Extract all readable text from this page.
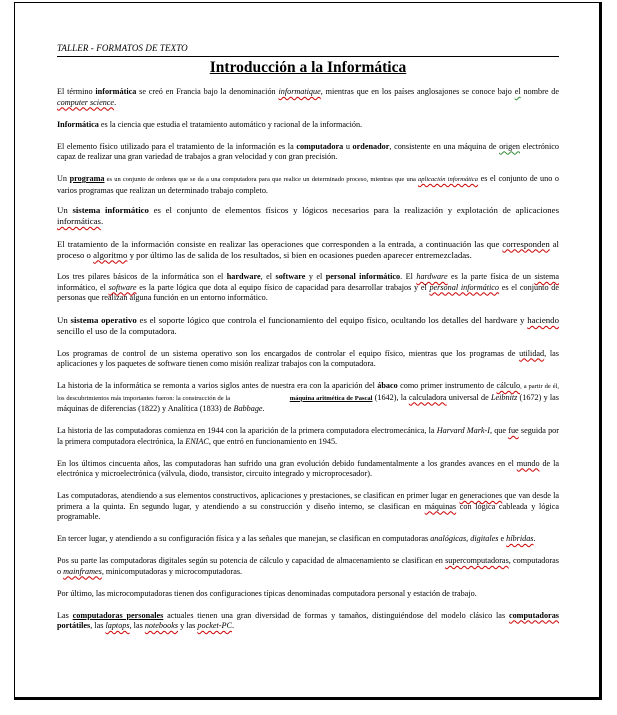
TALLER - FORMATOS DE TEXTO
Introducción a la Informática

El término informática se creó en Francia bajo la denominación informatique, mientras que en los países anglosajones se conoce bajo el nombre de computer science.

Informática es la ciencia que estudia el tratamiento automático y racional de la información.

El elemento físico utilizado para el tratamiento de la información es la computadora u ordenador, consistente en una máquina de origen electrónico capaz de realizar una gran variedad de trabajos a gran velocidad y con gran precisión.

Un programa es un conjunto de ordenes que se da a una computadora para que realice un determinado proceso, mientras que una aplicación informática es el conjunto de uno o varios programas que realizan un determinado trabajo completo.

Un sistema informático es el conjunto de elementos físicos y lógicos necesarios para la realización y explotación de aplicaciones informáticas.

El tratamiento de la información consiste en realizar las operaciones que corresponden a la entrada, a continuación las que corresponden al proceso o algoritmo y por último las de salida de los resultados, si bien en ocasiones pueden aparecer entremezcladas.

Los tres pilares básicos de la informática son el hardware, el software y el personal informático. El hardware es la parte física de un sistema informático, el software es la parte lógica que dota al equipo físico de capacidad para desarrollar trabajos y el personal informático es el conjunto de personas que realizan alguna función en un entorno informático.

Un sistema operativo es el soporte lógico que controla el funcionamiento del equipo físico, ocultando los detalles del hardware y haciendo sencillo el uso de la computadora.

Los programas de control de un sistema operativo son los encargados de controlar el equipo físico, mientras que los programas de utilidad, las aplicaciones y los paquetes de software tienen como misión realizar trabajos con la computadora.

La historia de la informática se remonta a varios siglos antes de nuestra era con la aparición del ábaco como primer instrumento de cálculo, a partir de él, los descubrimientos más importantes fueron: la construcción de la	máquina aritmética de Pascal (1642), la calculadora universal de Leibnitz (1672) y las máquinas de diferencias (1822) y Analítica (1833) de Babbage.

La historia de las computadoras comienza en 1944 con la aparición de la primera computadora electromecánica, la Harvard Mark-I, que fue seguida por la primera computadora electrónica, la ENIAC, que entró en funcionamiento en 1945.

En los últimos cincuenta años, las computadoras han sufrido una gran evolución debido fundamentalmente a los grandes avances en el mundo de la electrónica y microelectrónica (válvula, diodo, transistor, circuito integrado y microprocesador).

Las computadoras, atendiendo a sus elementos constructivos, aplicaciones y prestaciones, se clasifican en primer lugar en generaciones que van desde la primera a la quinta. En segundo lugar, y atendiendo a su construcción y diseño interno, se clasifican en máquinas con lógica cableada y lógica programable.

En tercer lugar, y atendiendo a su configuración física y a las señales que manejan, se clasifican en computadoras analógicas, digitales e híbridas.

Pos su parte las computadoras digitales según su potencia de cálculo y capacidad de almacenamiento se clasifican en supercomputadoras, computadoras o mainframes, minicomputadoras y microcomputadoras.

Por último, las microcomputadoras tienen dos configuraciones típicas denominadas computadora personal y estación de trabajo.

Las computadoras personales actuales tienen una gran diversidad de formas y tamaños, distinguiéndose del modelo clásico las computadoras portátiles, las laptops, las notebooks y las pocket-PC.
